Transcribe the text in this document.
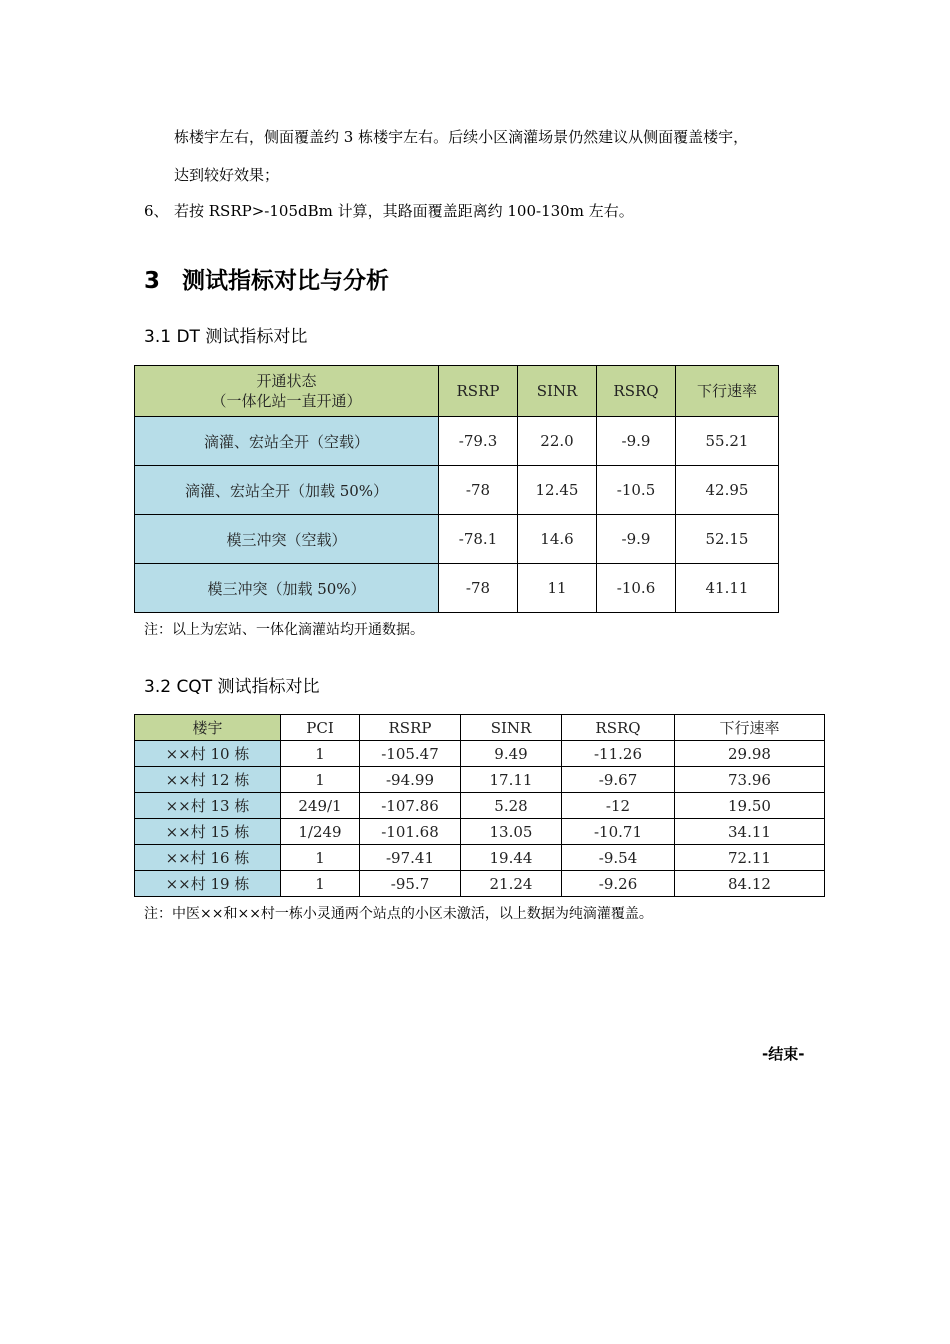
栋楼宇左右，侧面覆盖约 3 栋楼宇左右。后续小区滴灌场景仍然建议从侧面覆盖楼宇，
达到较好效果；
6、 若按 RSRP>-105dBm 计算，其路面覆盖距离约 100-130m 左右。
3 测试指标对比与分析
3.1 DT 测试指标对比
开通状态
（一体化站一直开通）	RSRP	SINR	RSRQ	下行速率
滴灌、宏站全开（空载）	-79.3	22.0	-9.9	55.21
滴灌、宏站全开（加载 50%）	-78	12.45	-10.5	42.95
模三冲突（空载）	-78.1	14.6	-9.9	52.15
模三冲突（加载 50%）	-78	11	-10.6	41.11
注：以上为宏站、一体化滴灌站均开通数据。
3.2 CQT 测试指标对比
楼宇	PCI	RSRP	SINR	RSRQ	下行速率
××村 10 栋	1	-105.47	9.49	-11.26	29.98
××村 12 栋	1	-94.99	17.11	-9.67	73.96
××村 13 栋	249/1	-107.86	5.28	-12	19.50
××村 15 栋	1/249	-101.68	13.05	-10.71	34.11
××村 16 栋	1	-97.41	19.44	-9.54	72.11
××村 19 栋	1	-95.7	21.24	-9.26	84.12
注：中医××和××村一栋小灵通两个站点的小区未激活，以上数据为纯滴灌覆盖。
-结束-
